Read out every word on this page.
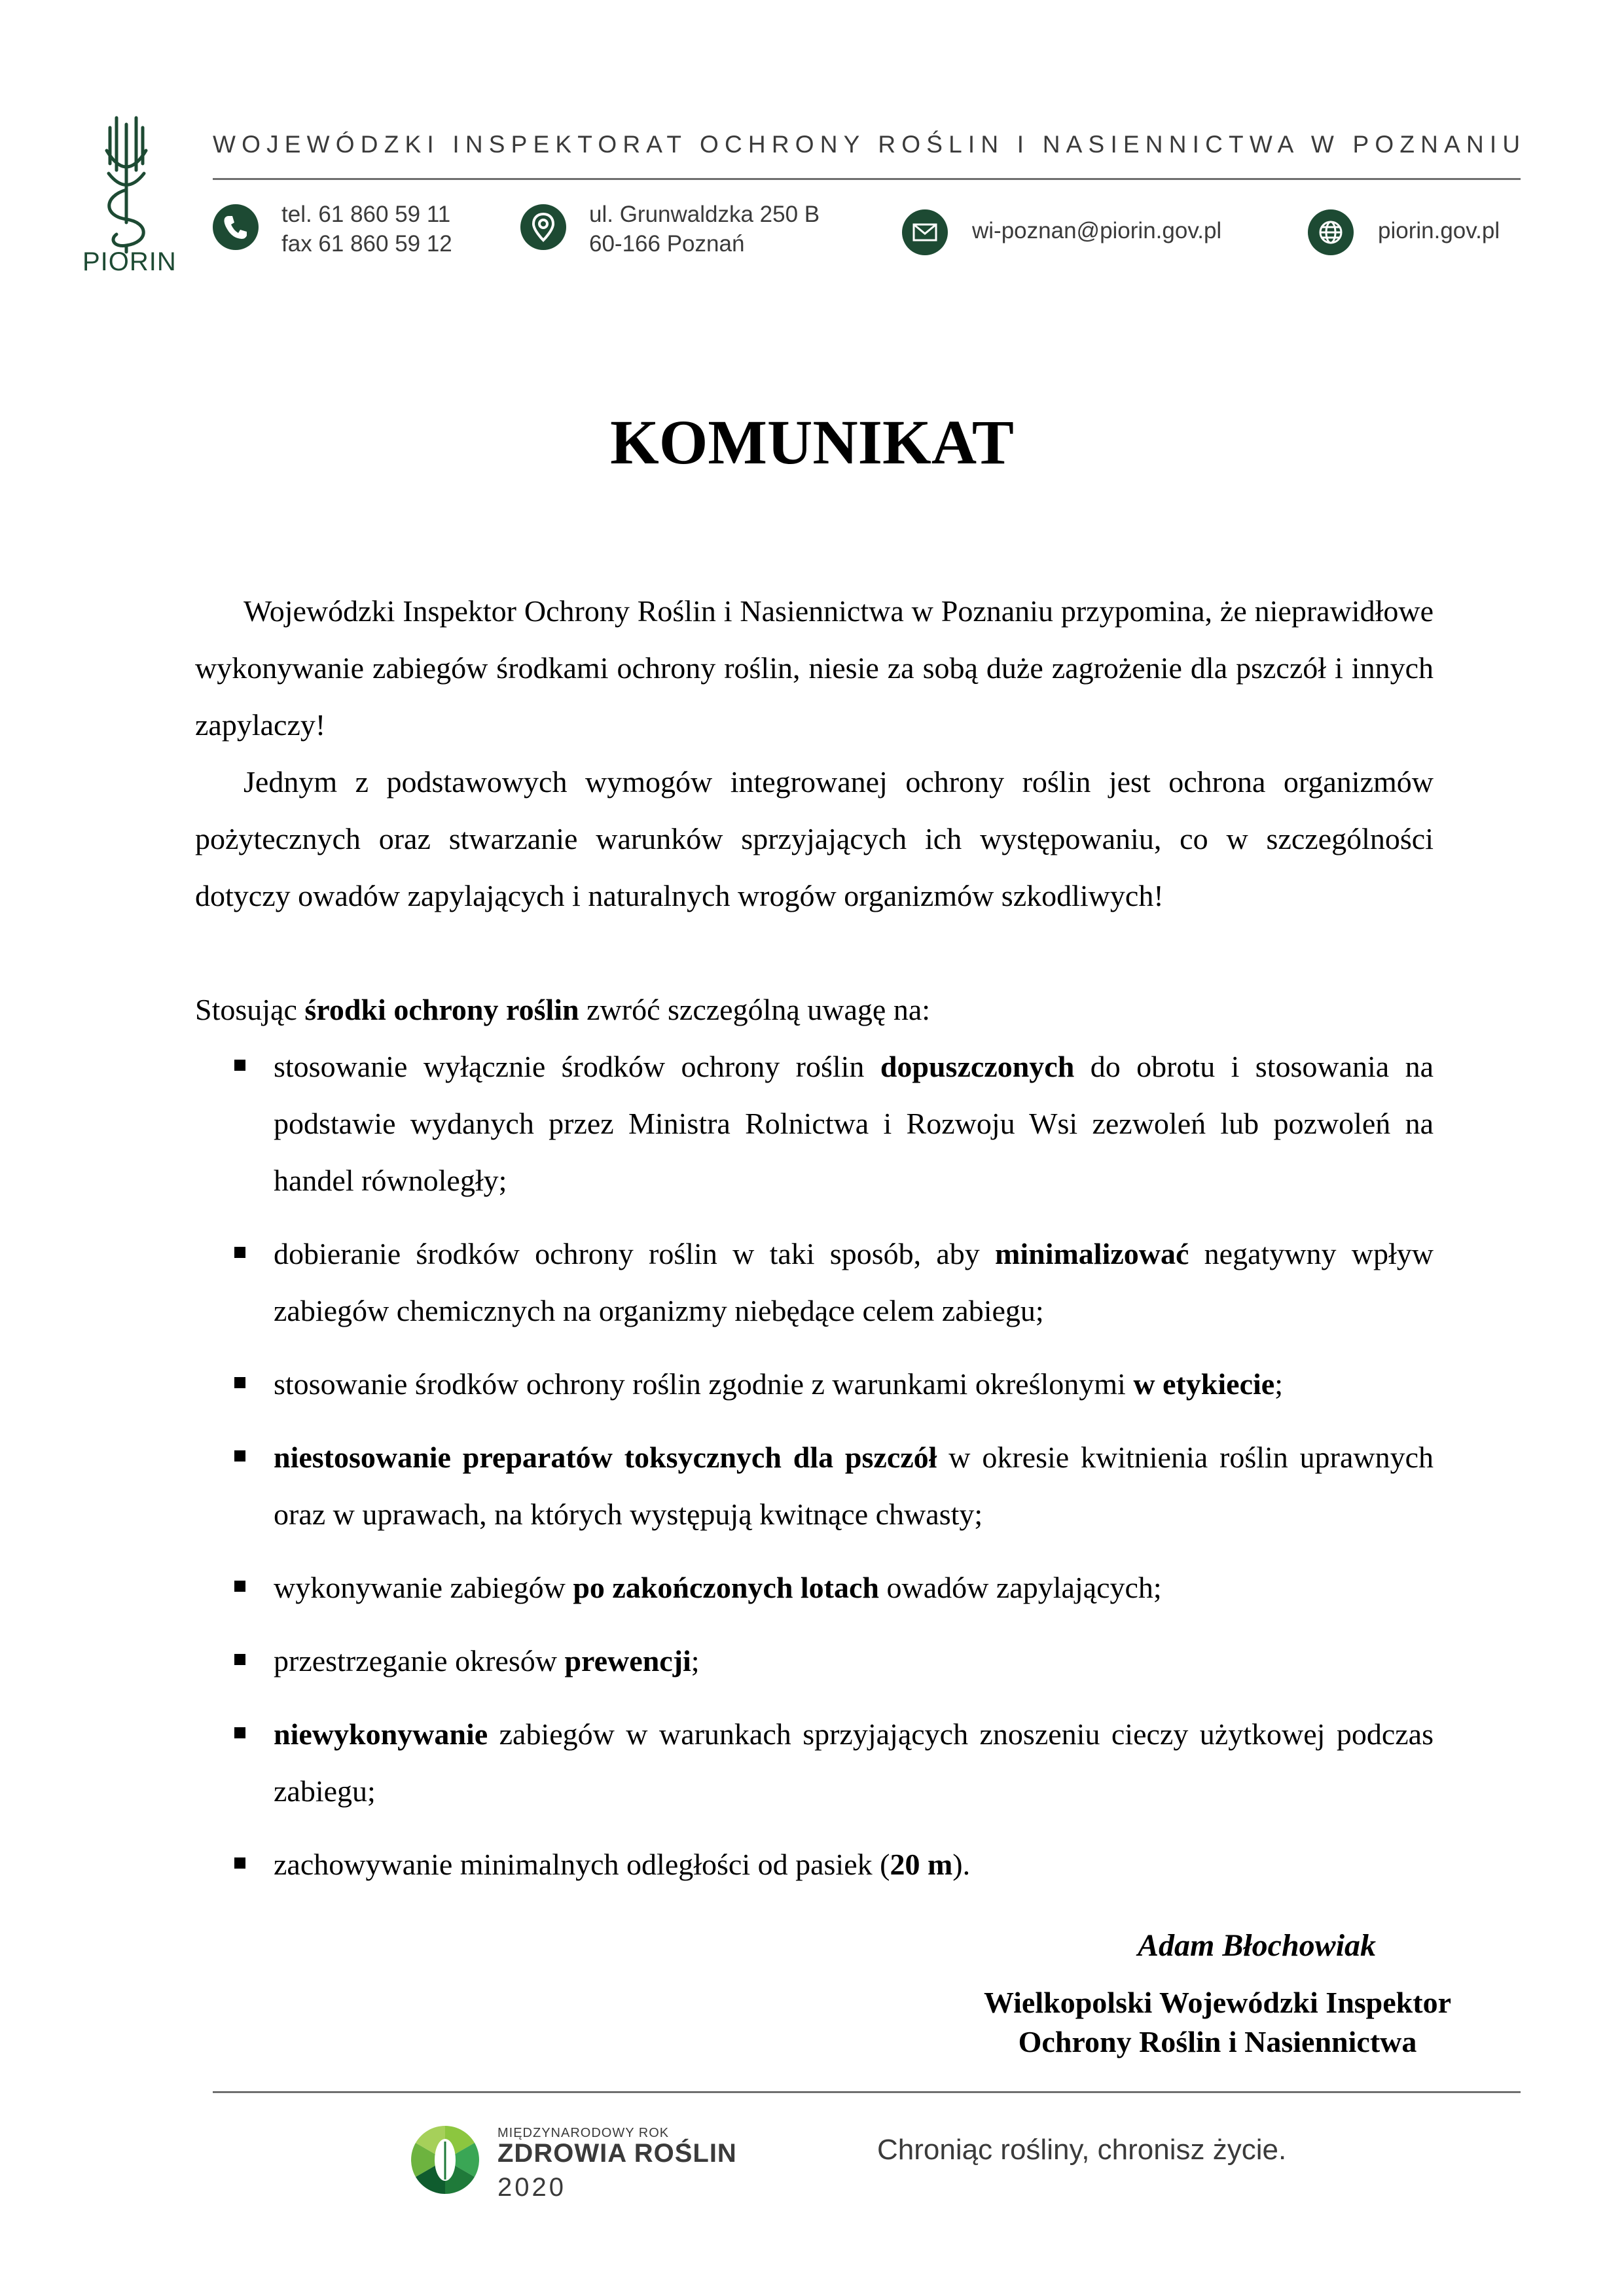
PIORIN
WOJEWÓDZKI INSPEKTORAT OCHRONY ROŚLIN I NASIENNICTWA W POZNANIU
tel. 61 860 59 11
fax 61 860 59 12
ul. Grunwaldzka 250 B
60-166 Poznań
wi-poznan@piorin.gov.pl	piorin.gov.pl
KOMUNIKAT

Wojewódzki Inspektor Ochrony Roślin i Nasiennictwa w Poznaniu przypomina, że nieprawidłowe wykonywanie zabiegów środkami ochrony roślin, niesie za sobą duże zagrożenie dla pszczół i innych zapylaczy!

Jednym z podstawowych wymogów integrowanej ochrony roślin jest ochrona organizmów pożytecznych oraz stwarzanie warunków sprzyjających ich występowaniu, co w szczególności dotyczy owadów zapylających i naturalnych wrogów organizmów szkodliwych!

Stosując środki ochrony roślin zwróć szczególną uwagę na:

stosowanie wyłącznie środków ochrony roślin dopuszczonych do obrotu i stosowania na podstawie wydanych przez Ministra Rolnictwa i Rozwoju Wsi zezwoleń lub pozwoleń na handel równoległy;
dobieranie środków ochrony roślin w taki sposób, aby minimalizować negatywny wpływ zabiegów chemicznych na organizmy niebędące celem zabiegu;
stosowanie środków ochrony roślin zgodnie z warunkami określonymi w etykiecie;
niestosowanie preparatów toksycznych dla pszczół w okresie kwitnienia roślin uprawnych oraz w uprawach, na których występują kwitnące chwasty;
wykonywanie zabiegów po zakończonych lotach owadów zapylających;
przestrzeganie okresów prewencji;
niewykonywanie zabiegów w warunkach sprzyjających znoszeniu cieczy użytkowej podczas zabiegu;
zachowywanie minimalnych odległości od pasiek (20 m).
Adam Błochowiak
Wielkopolski Wojewódzki Inspektor
Ochrony Roślin i Nasiennictwa
MIĘDZYNARODOWY ROK
ZDROWIA ROŚLIN
2020
Chroniąc rośliny, chronisz życie.
